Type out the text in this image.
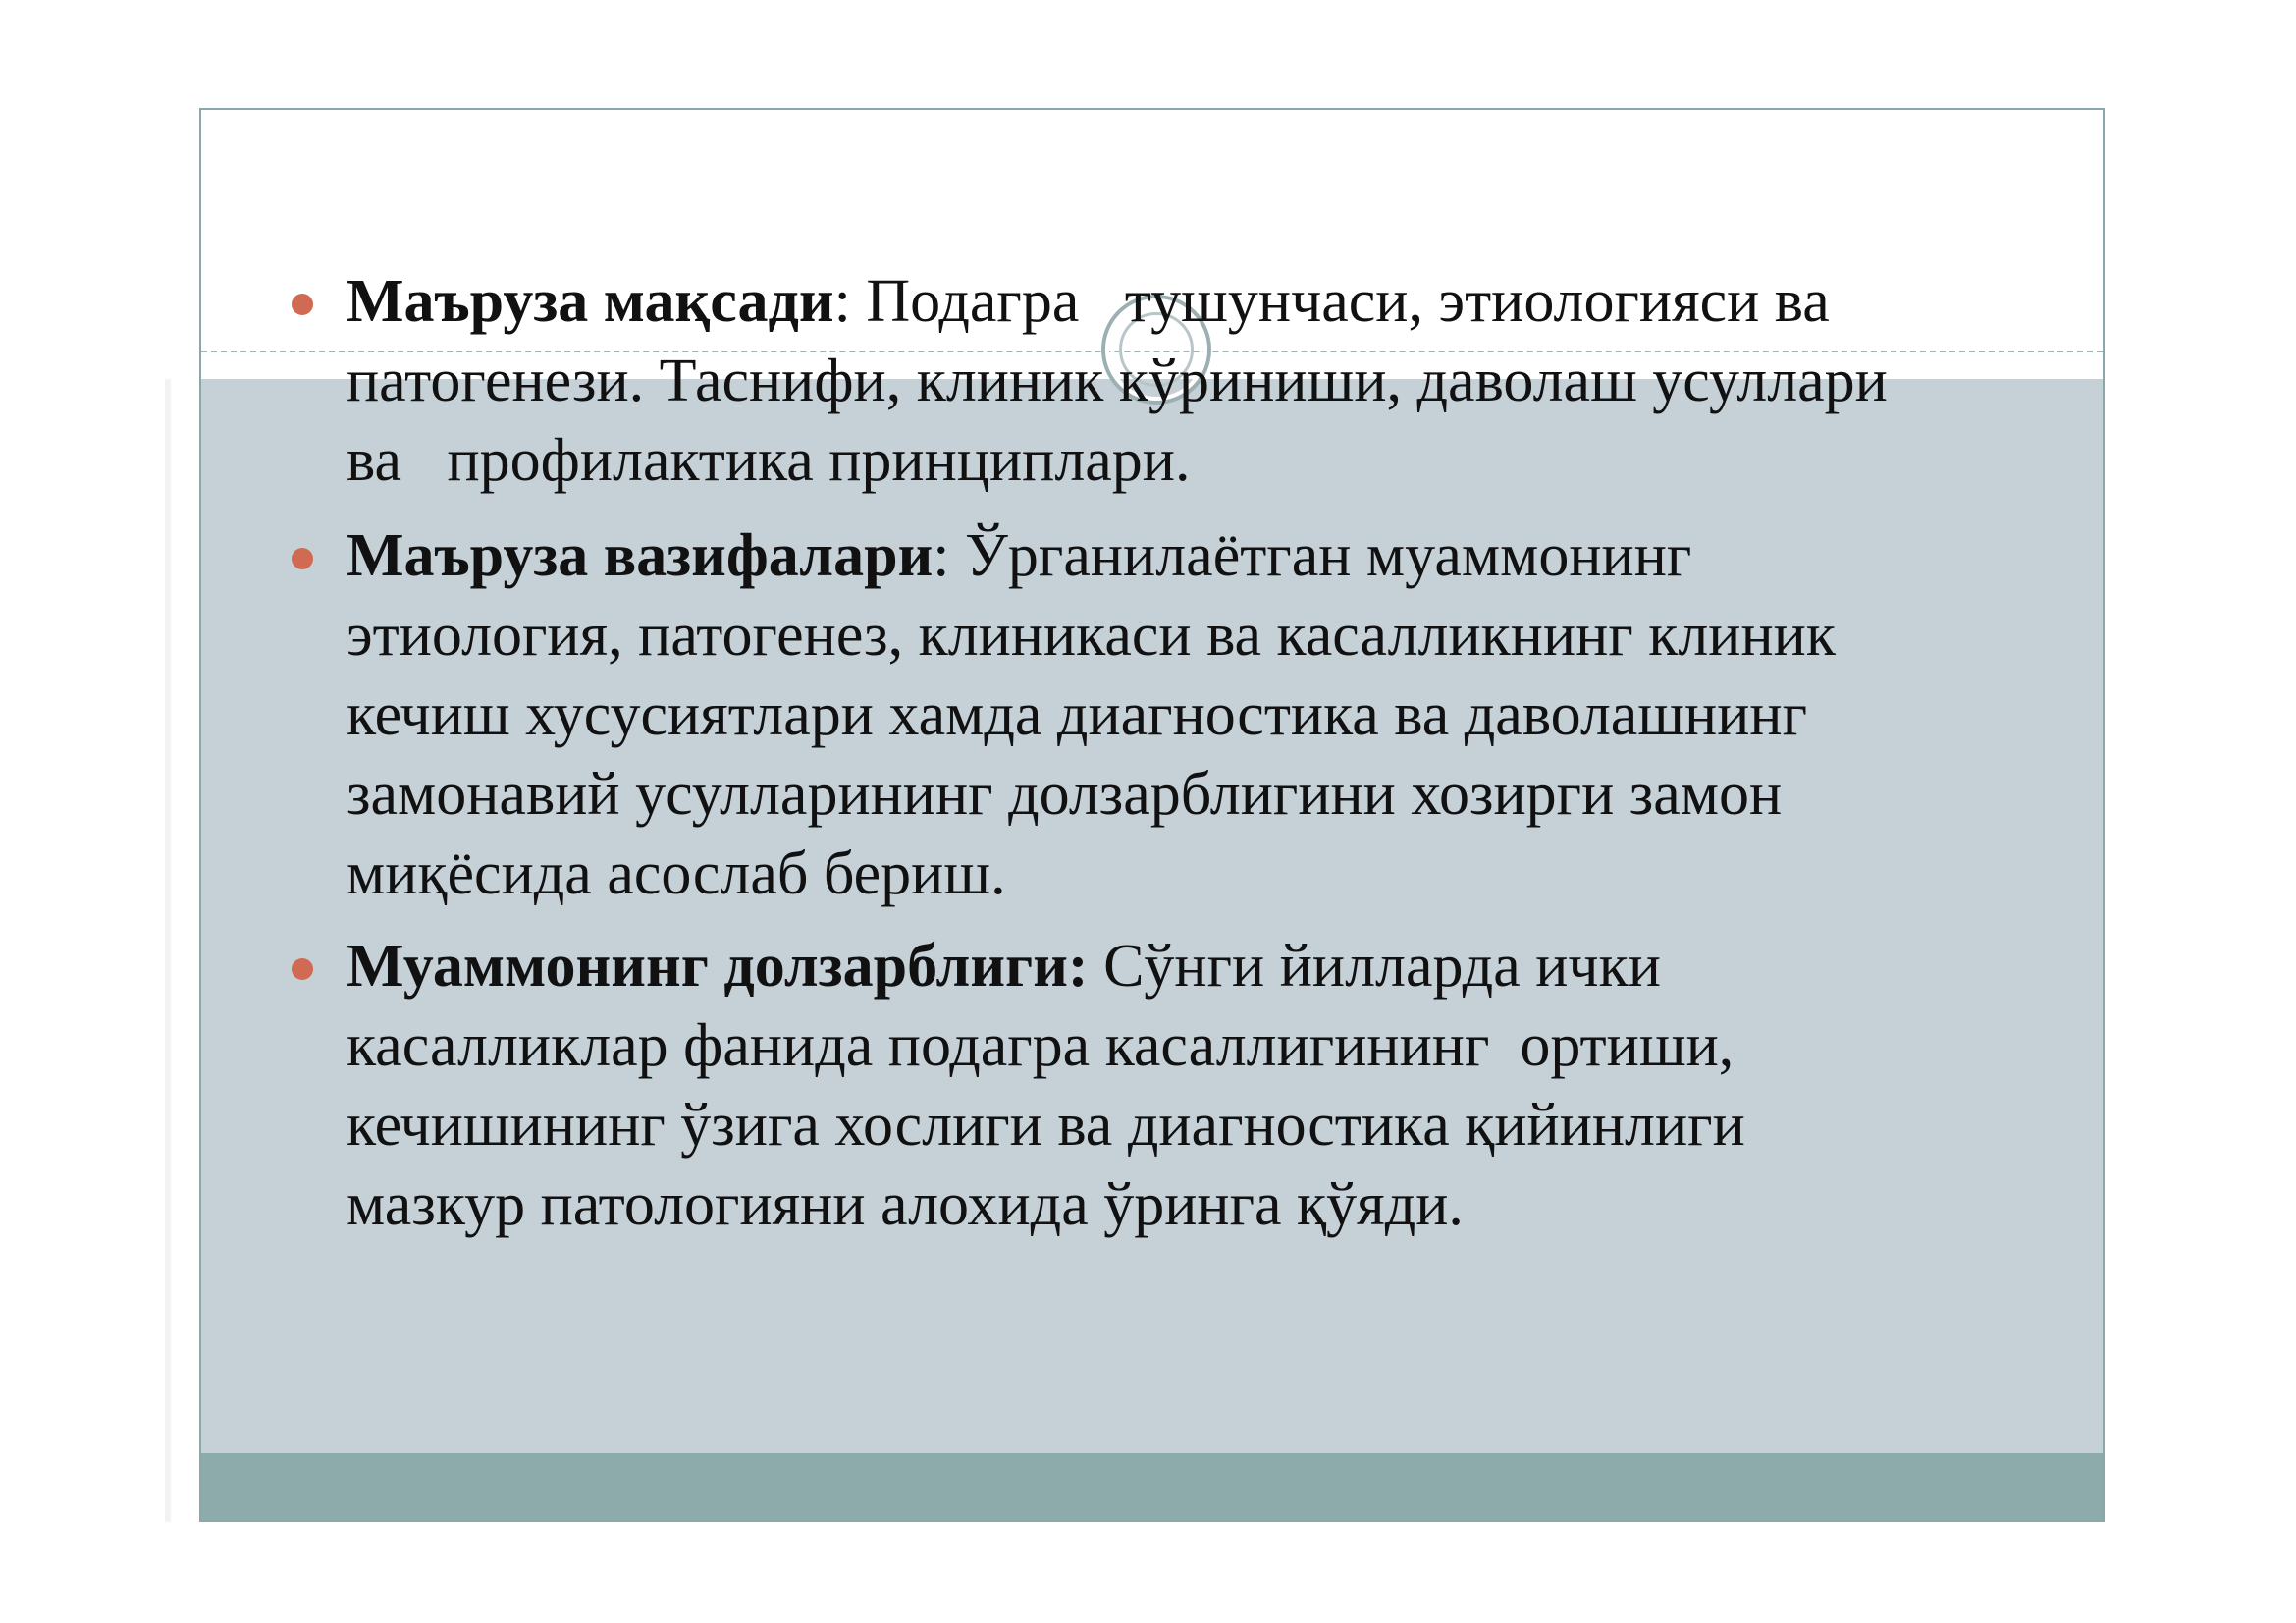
Маъруза мақсади: Подагра   тушунчаси, этиологияси ва
патогенези. Таснифи, клиник кўриниши, даволаш усуллари
ва   профилактика принциплари.
Маъруза вазифалари: Ўрганилаётган муаммонинг
этиология, патогенез, клиникаси ва касалликнинг клиник
кечиш хусусиятлари хамда диагностика ва даволашнинг
замонавий усулларининг долзарблигини хозирги замон
миқёсида асослаб бериш.
Муаммонинг долзарблиги: Сўнги йилларда ички
касалликлар фанида подагра касаллигининг  ортиши,
кечишининг ўзига хослиги ва диагностика қийинлиги
мазкур патологияни алохида ўринга қўяди.
